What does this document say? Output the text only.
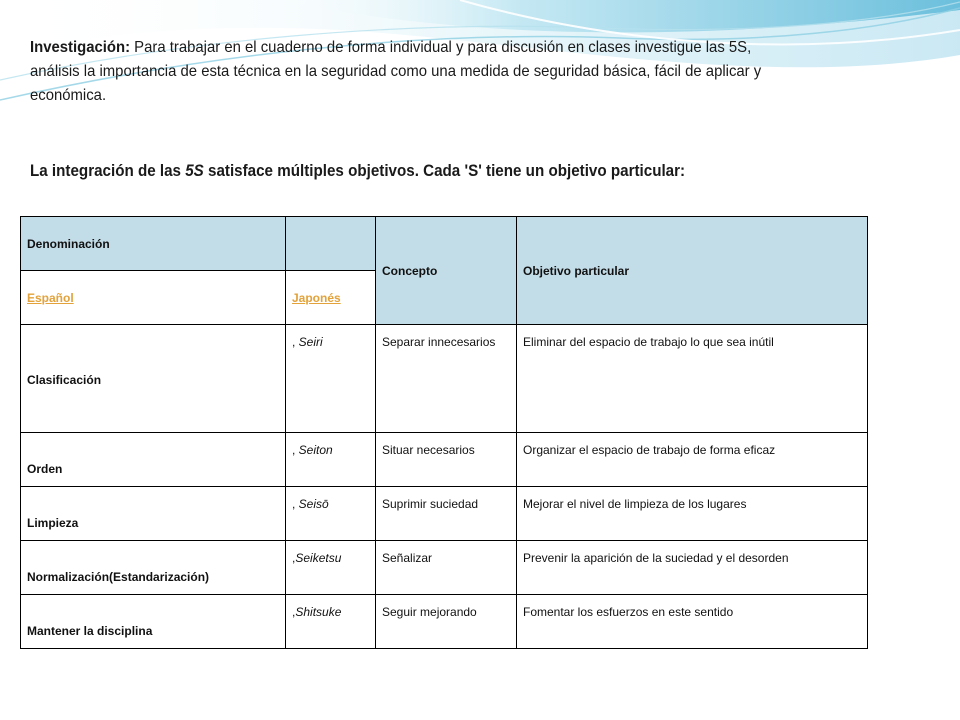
Investigación: Para trabajar en el cuaderno de forma individual y para discusión en clases investigue las 5S, análisis la importancia de esta técnica en la seguridad como una medida de seguridad básica, fácil de aplicar y económica.
La integración de las 5S satisface múltiples objetivos. Cada 'S' tiene un objetivo particular:
Denominación		Concepto	Objetivo particular
Español	Japonés		
Clasificación	, Seiri	Separar innecesarios	Eliminar del espacio de trabajo lo que sea inútil
Orden	, Seiton	Situar necesarios	Organizar el espacio de trabajo de forma eficaz
Limpieza	, Seisō	Suprimir suciedad	Mejorar el nivel de limpieza de los lugares
Normalización(Estandarización)	,Seiketsu	Señalizar	Prevenir la aparición de la suciedad y el desorden
Mantener la disciplina	,Shitsuke	Seguir mejorando	Fomentar los esfuerzos en este sentido
